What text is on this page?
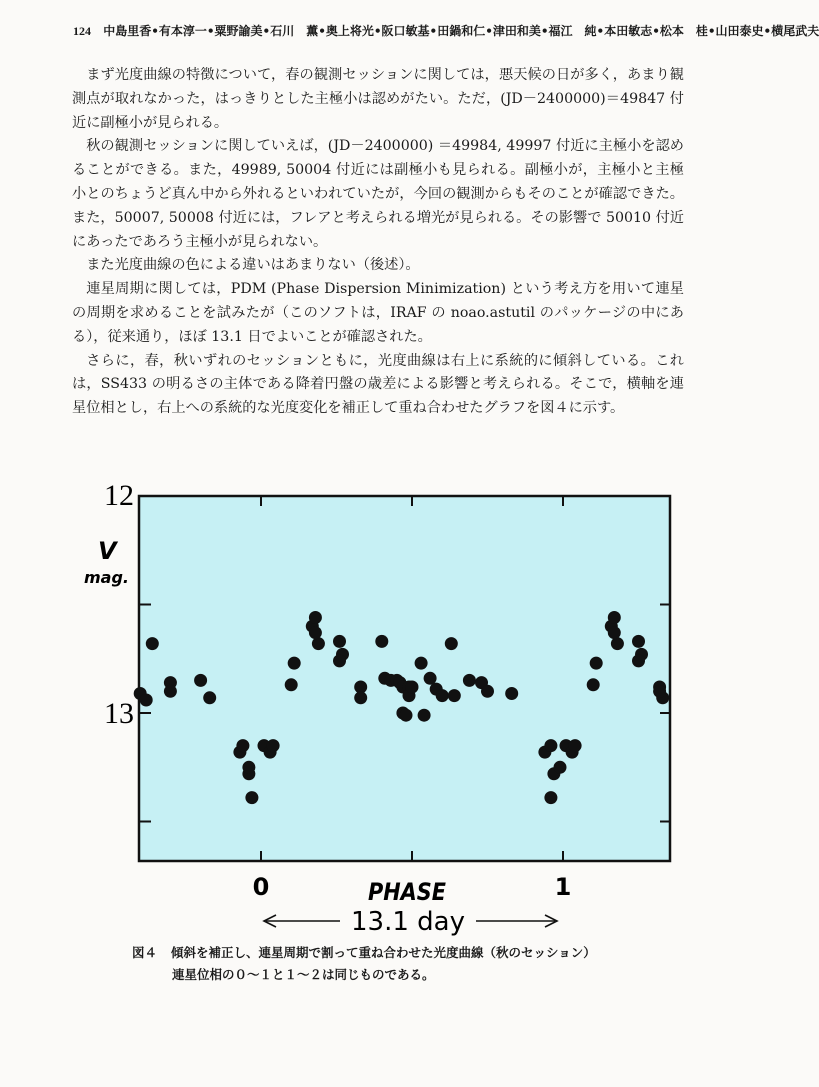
124 中島里香•有本淳一•粟野諭美•石川　薫•奥上将光•阪口敏基•田鍋和仁•津田和美•福江　純•本田敏志•松本　桂•山田泰史•横尾武夫

まず光度曲線の特徴について，春の観測セッションに関しては，悪天候の日が多く，あまり観測点が取れなかった，はっきりとした主極小は認めがたい。ただ，(JD－2400000)＝49847 付近に副極小が見られる。

秋の観測セッションに関していえば，(JD－2400000) ＝49984, 49997 付近に主極小を認めることができる。また，49989, 50004 付近には副極小も見られる。副極小が，主極小と主極小とのちょうど真ん中から外れるといわれていたが，今回の観測からもそのことが確認できた。また，50007, 50008 付近には，フレアと考えられる増光が見られる。その影響で 50010 付近にあったであろう主極小が見られない。

また光度曲線の色による違いはあまりない（後述）。

連星周期に関しては，PDM (Phase Dispersion Minimization) という考え方を用いて連星の周期を求めることを試みたが（このソフトは，IRAF の noao.astutil のパッケージの中にある），従来通り，ほぼ 13.1 日でよいことが確認された。

さらに，春，秋いずれのセッションともに，光度曲線は右上に系統的に傾斜している。これは，SS433 の明るさの主体である降着円盤の歳差による影響と考えられる。そこで，横軸を連星位相とし，右上への系統的な光度変化を補正して重ね合わせたグラフを図４に示す。

12
13
V
mag.
0	1
PHASE
13.1 day
図４ 傾斜を補正し、連星周期で割って重ね合わせた光度曲線（秋のセッション）
連星位相の０～１と１～２は同じものである。
